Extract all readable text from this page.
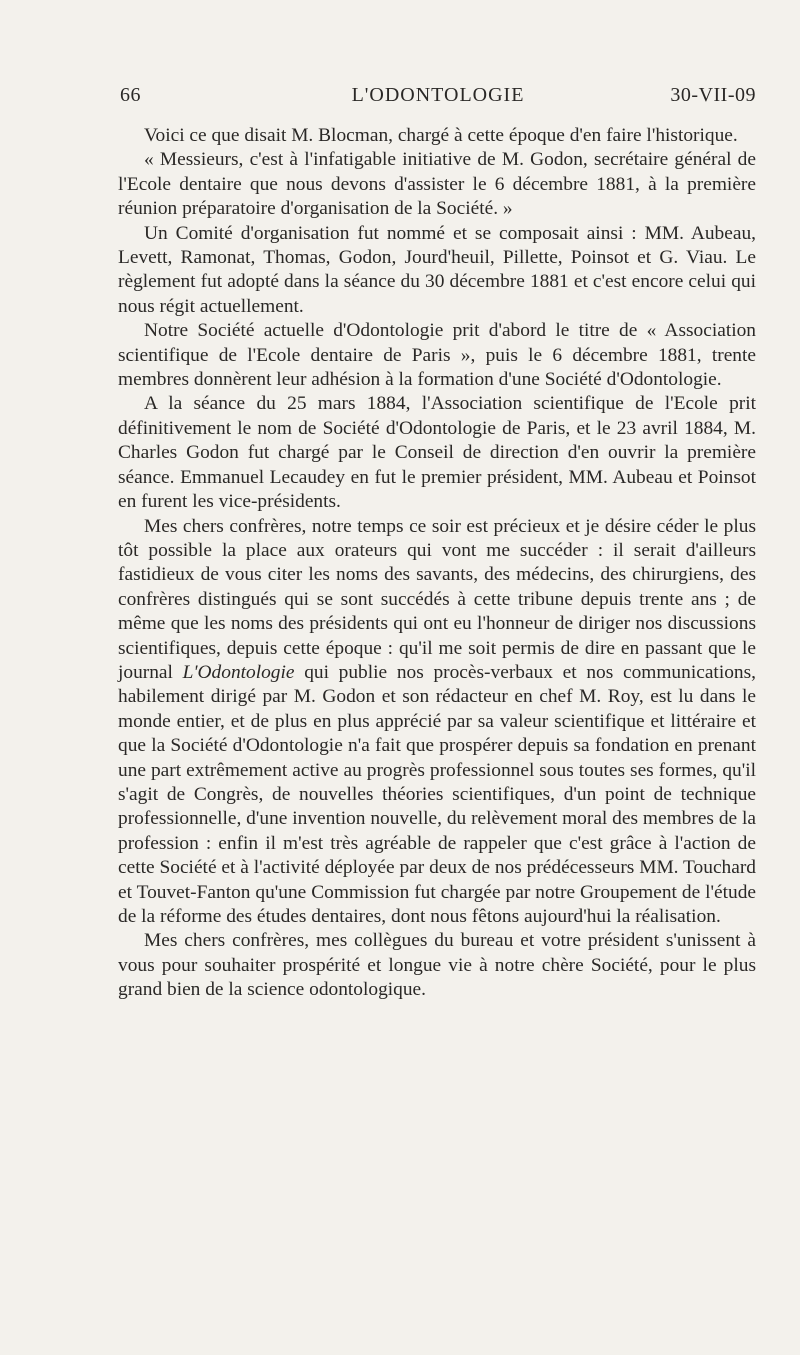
66	L'ODONTOLOGIE	30-VII-09

Voici ce que disait M. Blocman, chargé à cette époque d'en faire l'historique.

« Messieurs, c'est à l'infatigable initiative de M. Godon, secrétaire général de l'Ecole dentaire que nous devons d'assister le 6 décembre 1881, à la première réunion préparatoire d'organisation de la Société. »

Un Comité d'organisation fut nommé et se composait ainsi : MM. Aubeau, Levett, Ramonat, Thomas, Godon, Jourd'heuil, Pillette, Poinsot et G. Viau. Le règlement fut adopté dans la séance du 30 décembre 1881 et c'est encore celui qui nous régit actuellement.

Notre Société actuelle d'Odontologie prit d'abord le titre de « Association scientifique de l'Ecole dentaire de Paris », puis le 6 décembre 1881, trente membres donnèrent leur adhésion à la formation d'une Société d'Odontologie.

A la séance du 25 mars 1884, l'Association scientifique de l'Ecole prit définitivement le nom de Société d'Odontologie de Paris, et le 23 avril 1884, M. Charles Godon fut chargé par le Conseil de direction d'en ouvrir la première séance. Emmanuel Lecaudey en fut le premier président, MM. Aubeau et Poinsot en furent les vice-présidents.

Mes chers confrères, notre temps ce soir est précieux et je désire céder le plus tôt possible la place aux orateurs qui vont me succéder : il serait d'ailleurs fastidieux de vous citer les noms des savants, des médecins, des chirurgiens, des confrères distingués qui se sont succédés à cette tribune depuis trente ans ; de même que les noms des présidents qui ont eu l'honneur de diriger nos discussions scientifiques, depuis cette époque : qu'il me soit permis de dire en passant que le journal L'Odontologie qui publie nos procès-verbaux et nos communications, habilement dirigé par M. Godon et son rédacteur en chef M. Roy, est lu dans le monde entier, et de plus en plus apprécié par sa valeur scientifique et littéraire et que la Société d'Odontologie n'a fait que prospérer depuis sa fondation en prenant une part extrêmement active au progrès professionnel sous toutes ses formes, qu'il s'agit de Congrès, de nouvelles théories scientifiques, d'un point de technique professionnelle, d'une invention nouvelle, du relèvement moral des membres de la profession : enfin il m'est très agréable de rappeler que c'est grâce à l'action de cette Société et à l'activité déployée par deux de nos prédécesseurs MM. Touchard et Touvet-Fanton qu'une Commission fut chargée par notre Groupement de l'étude de la réforme des études dentaires, dont nous fêtons aujourd'hui la réalisation.

Mes chers confrères, mes collègues du bureau et votre président s'unissent à vous pour souhaiter prospérité et longue vie à notre chère Société, pour le plus grand bien de la science odontologique.
